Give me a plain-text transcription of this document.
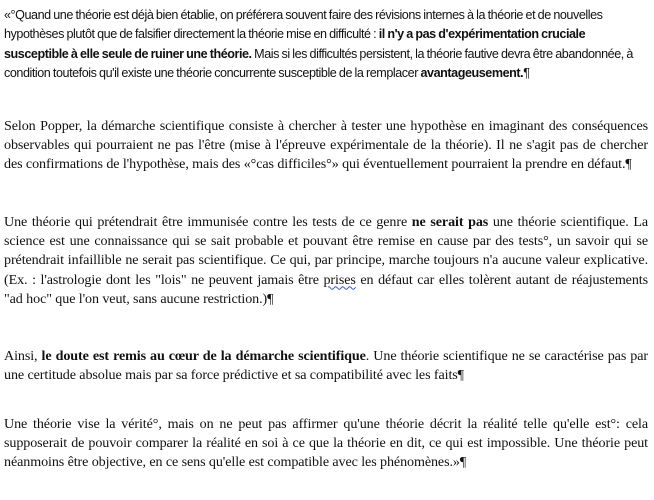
«°Quand une théorie est déjà bien établie, on préférera souvent faire des révisions internes à la théorie et de nouvelles hypothèses plutôt que de falsifier directement la théorie mise en difficulté : il n'y a pas d'expérimentation cruciale susceptible à elle seule de ruiner une théorie. Mais si les difficultés persistent, la théorie fautive devra être abandonnée, à condition toutefois qu'il existe une théorie concurrente susceptible de la remplacer avantageusement.¶

Selon Popper, la démarche scientifique consiste à chercher à tester une hypothèse en imaginant des conséquences observables qui pourraient ne pas l'être (mise à l'épreuve expérimentale de la théorie). Il ne s'agit pas de chercher des confirmations de l'hypothèse, mais des «°cas difficiles°» qui éventuellement pourraient la prendre en défaut.¶

Une théorie qui prétendrait être immunisée contre les tests de ce genre ne serait pas une théorie scientifique. La science est une connaissance qui se sait probable et pouvant être remise en cause par des tests°, un savoir qui se prétendrait infaillible ne serait pas scientifique. Ce qui, par principe, marche toujours n'a aucune valeur explicative. (Ex. : l'astrologie dont les "lois" ne peuvent jamais être prises en défaut car elles tolèrent autant de réajustements "ad hoc" que l'on veut, sans aucune restriction.)¶

Ainsi, le doute est remis au cœur de la démarche scientifique. Une théorie scientifique ne se caractérise pas par une certitude absolue mais par sa force prédictive et sa compatibilité avec les faits¶

Une théorie vise la vérité°, mais on ne peut pas affirmer qu'une théorie décrit la réalité telle qu'elle est°: cela supposerait de pouvoir comparer la réalité en soi à ce que la théorie en dit, ce qui est impossible. Une théorie peut néanmoins être objective, en ce sens qu'elle est compatible avec les phénomènes.»¶
